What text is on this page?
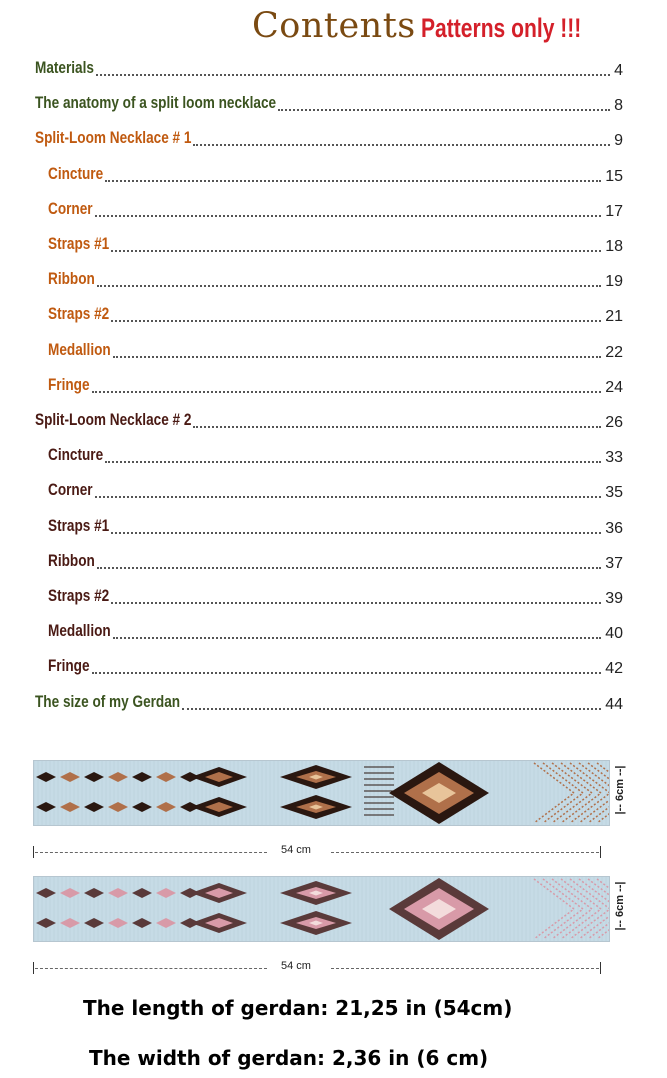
Contents Patterns only !!!
Materials	4
The anatomy of a split loom necklace	8
Split-Loom Necklace # 1	9
Cincture	15
Corner	17
Straps #1	18
Ribbon	19
Straps #2	21
Medallion	22
Fringe	24
Split-Loom Necklace # 2	26
Cincture	33
Corner	35
Straps #1	36
Ribbon	37
Straps #2	39
Medallion	40
Fringe	42
The size of my Gerdan	44
54 cm
|-- 6cm --|
54 cm
|-- 6cm --|
The length of gerdan: 21,25 in (54cm)
The width of gerdan: 2,36 in (6 cm)
